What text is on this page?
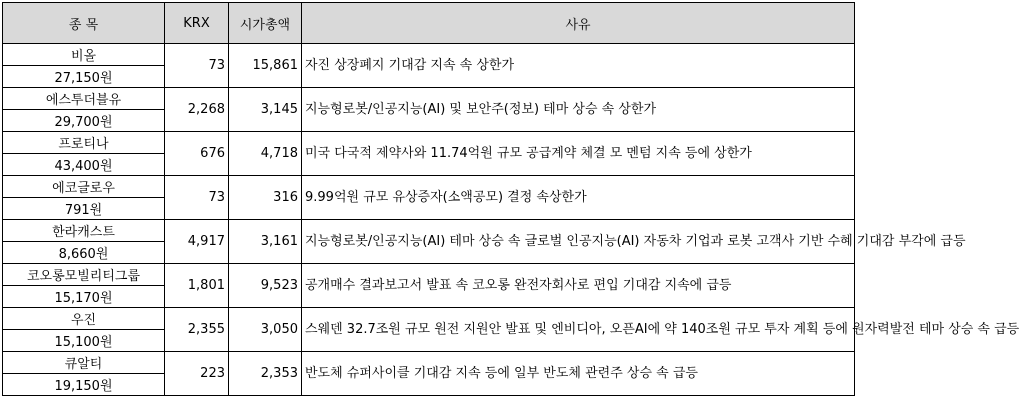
종 목	KRX	시가총액	사유
비올	73	15,861	자진 상장폐지 기대감 지속 속 상한가
27,150원			
에스투더블유	2,268	3,145	지능형로봇/인공지능(AI) 및 보안주(정보) 테마 상승 속 상한가
29,700원			
프로티나	676	4,718	미국 다국적 제약사와 11.74억원 규모 공급계약 체결 모 멘텀 지속 등에 상한가
43,400원			
에코글로우	73	316	9.99억원 규모 유상증자(소액공모) 결정 속상한가
791원			
한라캐스트	4,917	3,161	지능형로봇/인공지능(AI) 테마 상승 속 글로벌 인공지능(AI) 자동차 기업과 로봇 고객사 기반 수혜 기대감 부각에 급등
8,660원			
코오롱모빌리티그룹	1,801	9,523	공개매수 결과보고서 발표 속 코오롱 완전자회사로 편입 기대감 지속에 급등
15,170원			
우진	2,355	3,050	스웨덴 32.7조원 규모 원전 지원안 발표 및 엔비디아, 오픈AI에 약 140조원 규모 투자 계획 등에 원자력발전 테마 상승 속 급등
15,100원			
큐알티	223	2,353	반도체 슈퍼사이클 기대감 지속 등에 일부 반도체 관련주 상승 속 급등
19,150원			
